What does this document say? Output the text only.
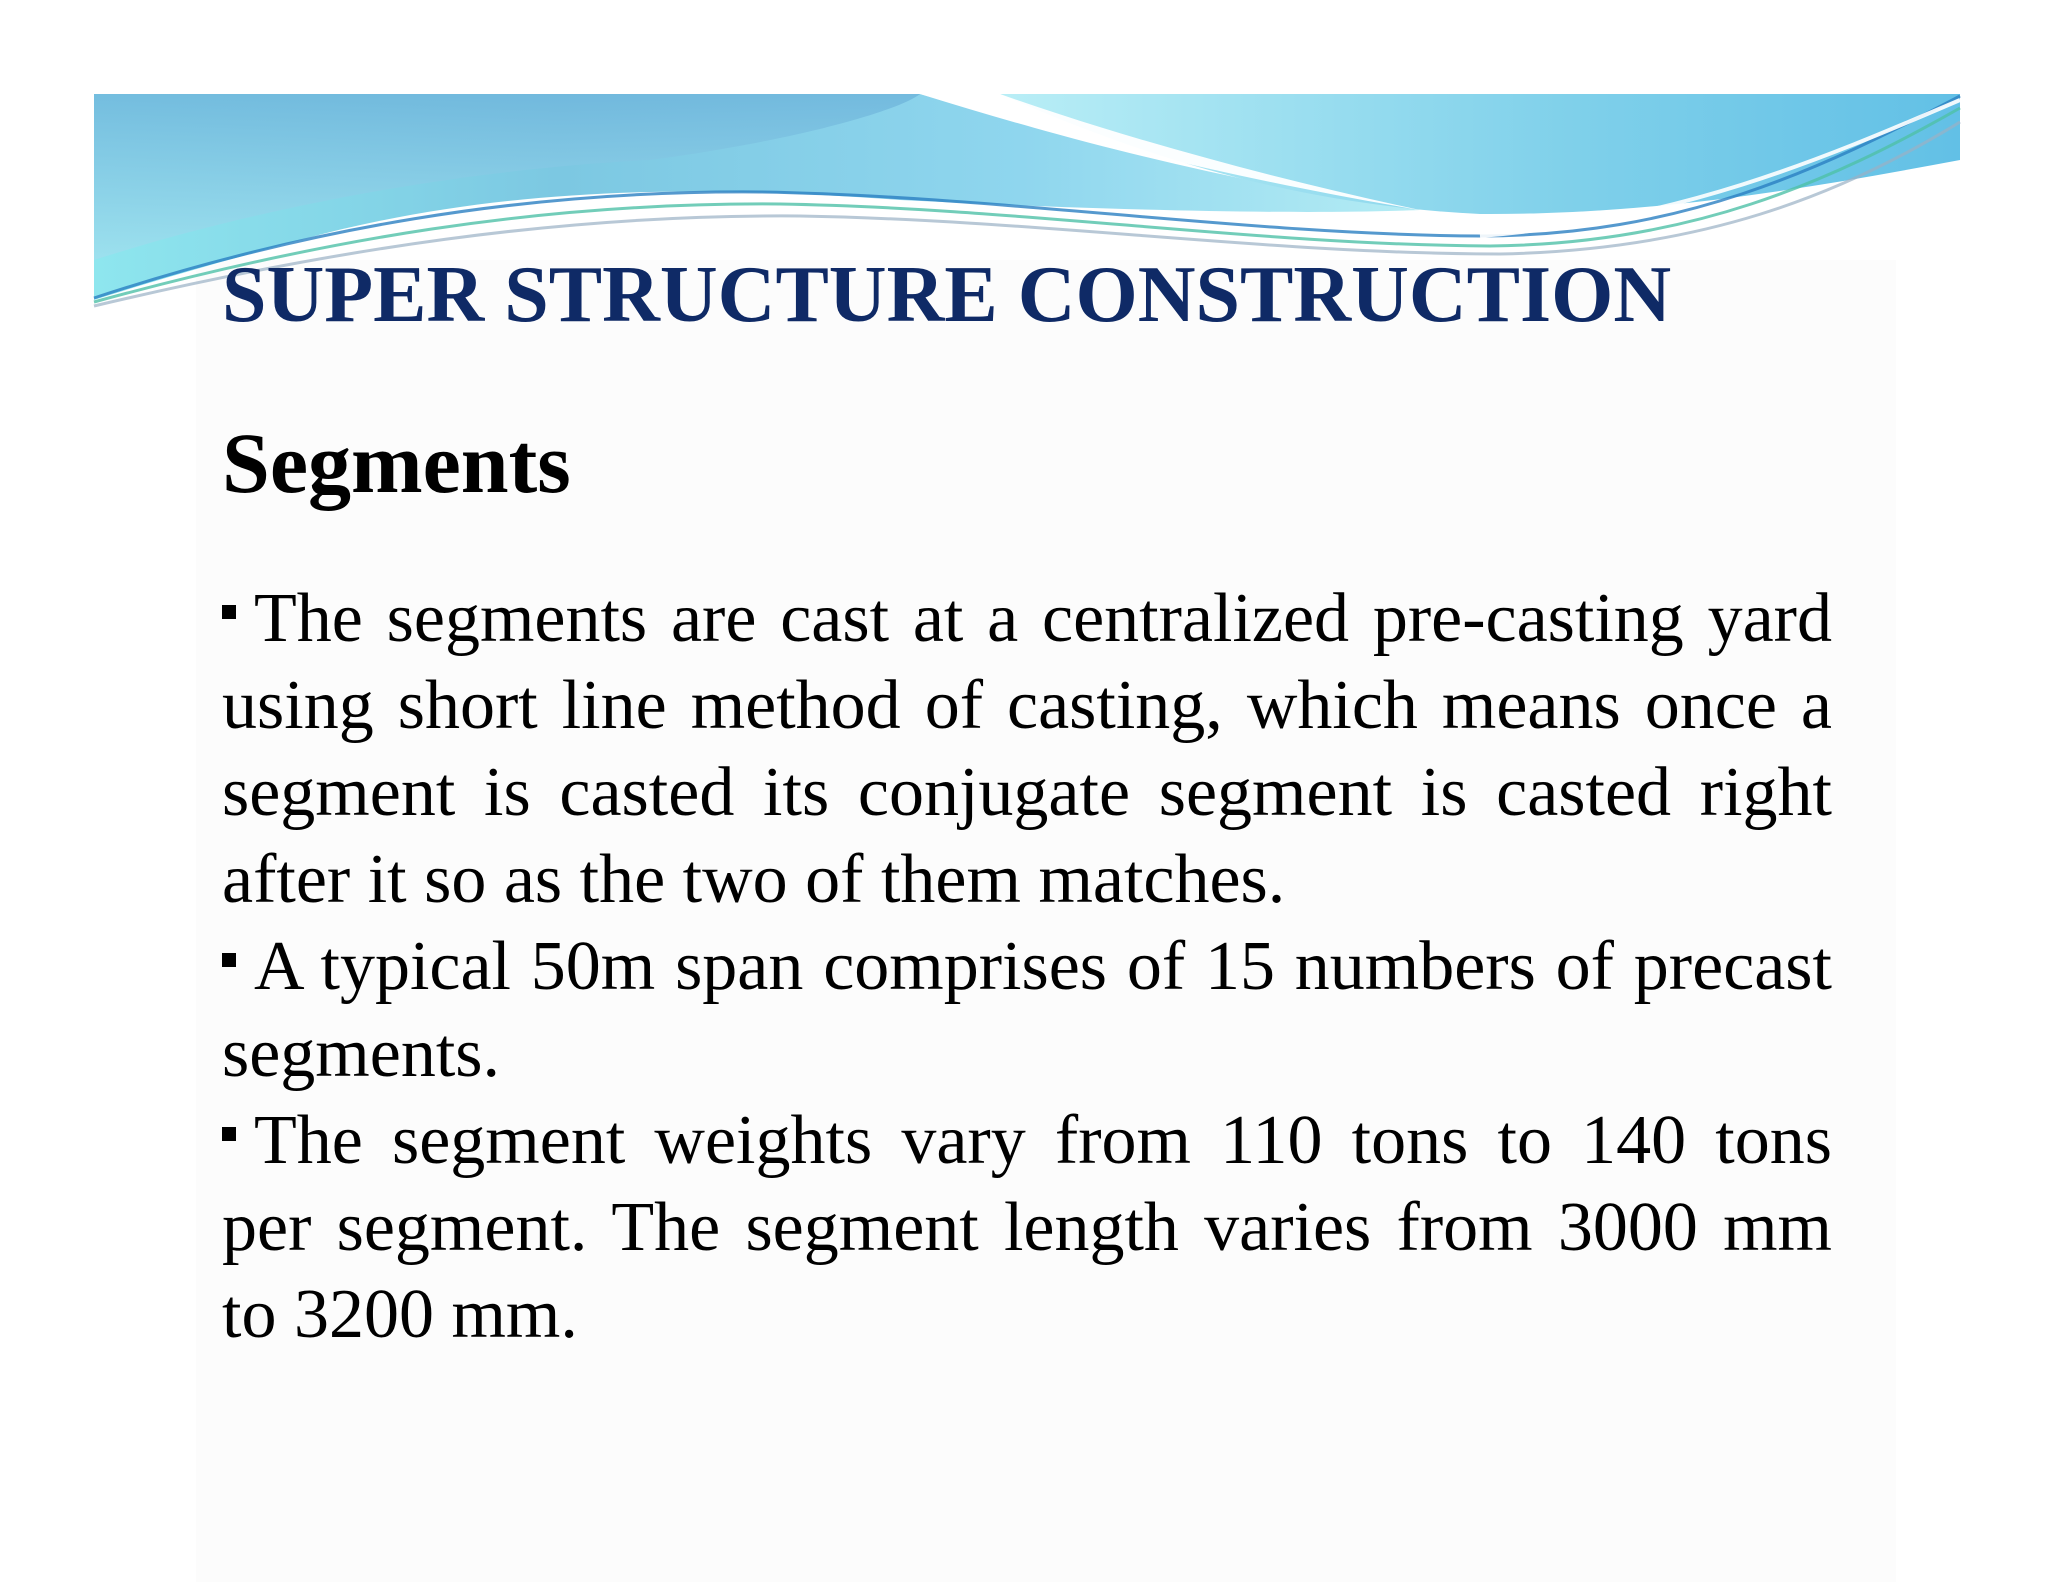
SUPER STRUCTURE CONSTRUCTION
Segments
The segments are cast at a centralized pre-casting yard using short line method of casting, which means once a segment is casted its conjugate segment is casted right after it so as the two of them matches.
A typical 50m span comprises of 15 numbers of precast segments.
The segment weights vary from 110 tons to 140 tons per segment. The segment length varies from 3000 mm to 3200 mm.
